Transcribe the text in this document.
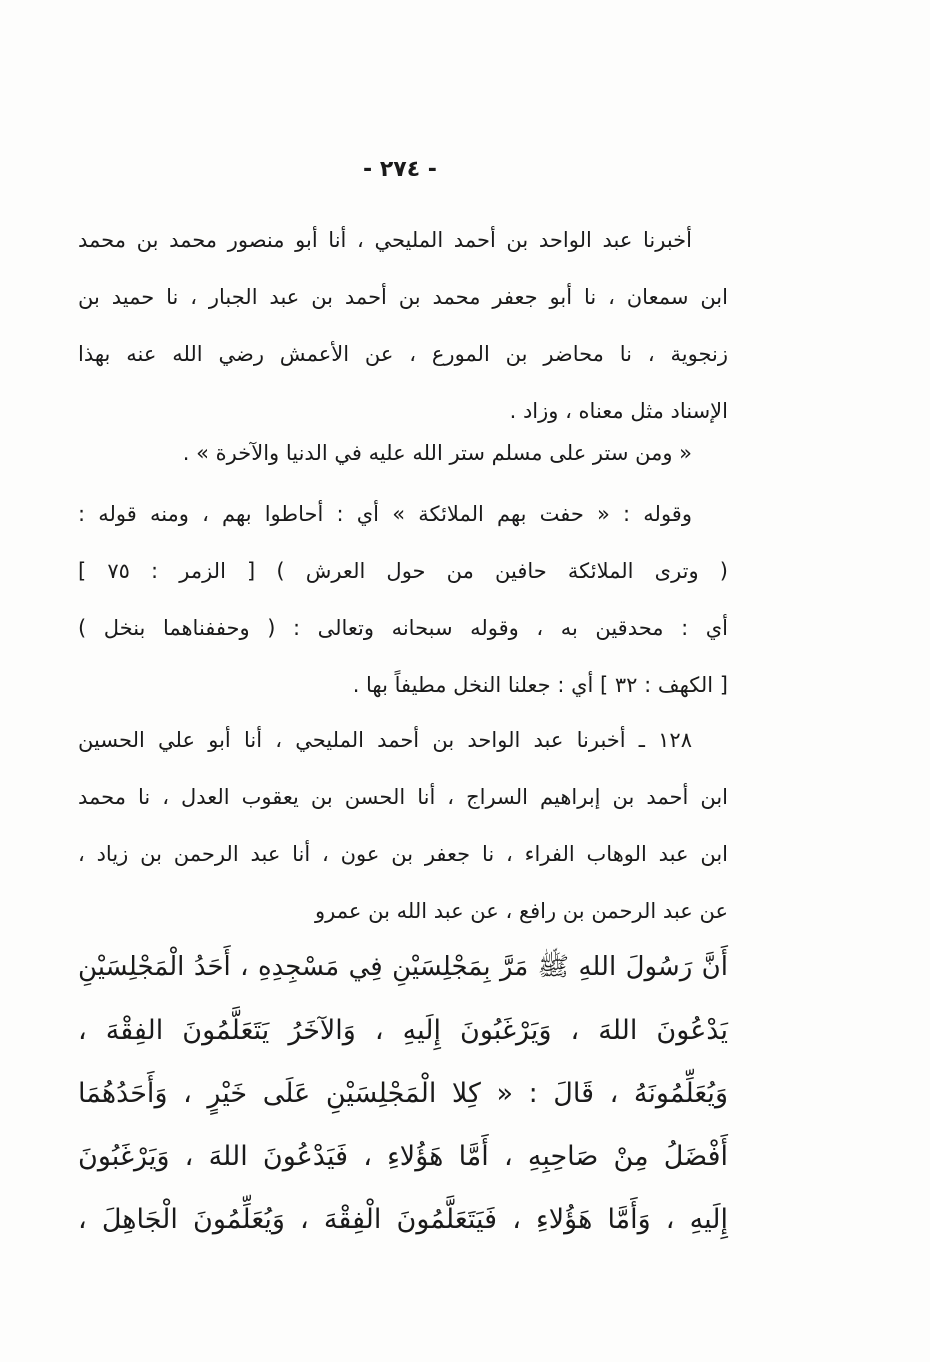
- ٢٧٤ -
أخبرنا عبد الواحد بن أحمد المليحي ، أنا أبو منصور محمد بن محمد
ابن سمعان ، نا أبو جعفر محمد بن أحمد بن عبد الجبار ، نا حميد بن
زنجوية ، نا محاضر بن المورع ، عن الأعمش رضي الله عنه بهذا
الإسناد مثل معناه ، وزاد .
« ومن ستر على مسلم ستر الله عليه في الدنيا والآخرة » .
وقوله : « حفت بهم الملائكة » أي : أحاطوا بهم ، ومنه قوله :
( وترى الملائكة حافين من حول العرش ) [ الزمر : ٧٥ ]
أي : محدقين به ، وقوله سبحانه وتعالى : ( وحففناهما بنخل )
[ الكهف : ٣٢ ] أي : جعلنا النخل مطيفاً بها .
١٢٨ ـ أخبرنا عبد الواحد بن أحمد المليحي ، أنا أبو علي الحسين
ابن أحمد بن إبراهيم السراج ، أنا الحسن بن يعقوب العدل ، نا محمد
ابن عبد الوهاب الفراء ، نا جعفر بن عون ، أنا عبد الرحمن بن زياد ،
عن عبد الرحمن بن رافع ، عن عبد الله بن عمرو
أَنَّ رَسُولَ اللهِ ﷺ مَرَّ بِمَجْلِسَيْنِ فِي مَسْجِدِهِ ، أَحَدُ الْمَجْلِسَيْنِ
يَدْعُونَ اللهَ ، وَيَرْغَبُونَ إِلَيهِ ، وَالآخَرُ يَتَعَلَّمُونَ الفِقْهَ ،
وَيُعَلِّمُونَهُ ، قَالَ : « كِلا الْمَجْلِسَيْنِ عَلَى خَيْرٍ ، وَأَحَدُهُمَا
أَفْضَلُ مِنْ صَاحِبِهِ ، أَمَّا هَؤُلاءِ ، فَيَدْعُونَ اللهَ ، وَيَرْغَبُونَ
إِلَيهِ ، وَأَمَّا هَؤُلاءِ ، فَيَتَعَلَّمُونَ الْفِقْهَ ، وَيُعَلِّمُونَ الْجَاهِلَ ،
